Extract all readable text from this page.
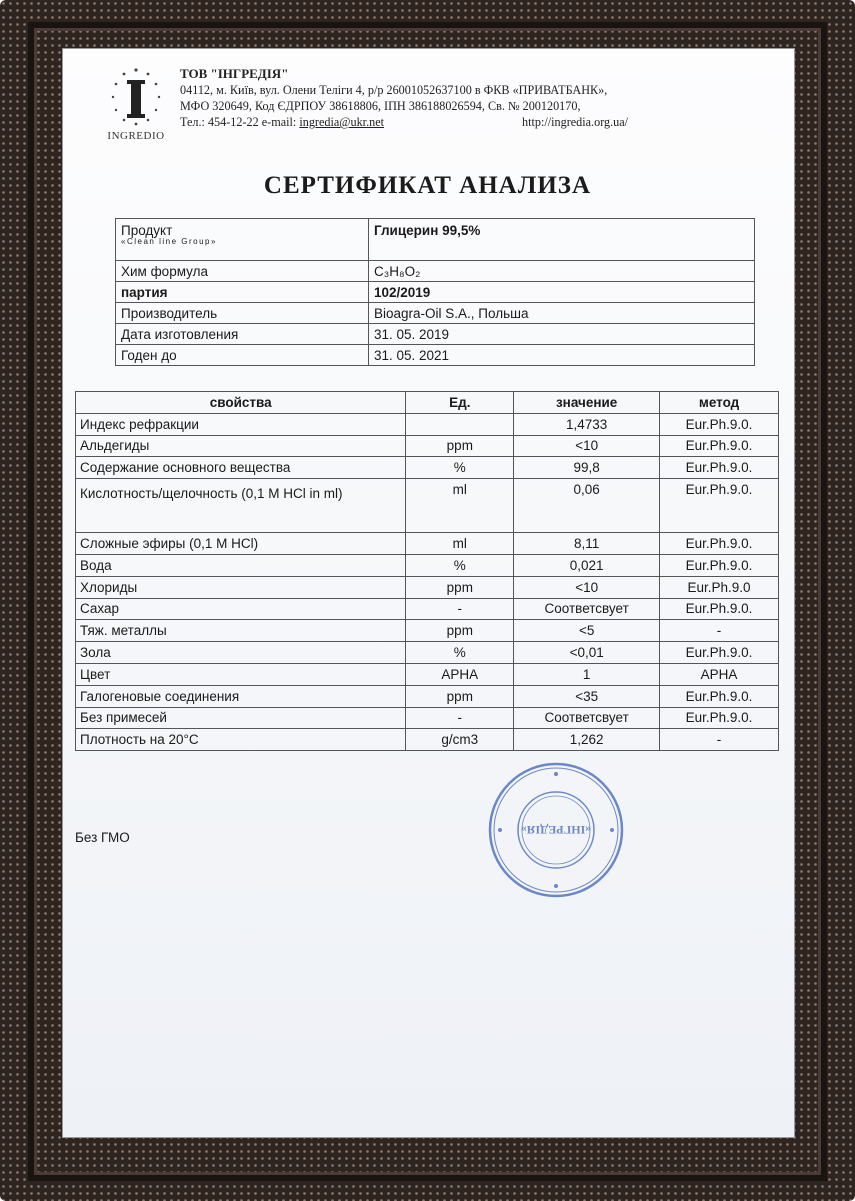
INGREDIO
ТОВ "ІНГРЕДІЯ"
04112, м. Київ, вул. Олени Теліги 4, р/р 26001052637100 в ФКВ «ПРИВАТБАНК»,
МФО 320649, Код ЄДРПОУ 38618806, ІПН 386188026594, Св. № 200120170,
Тел.: 454-12-22 e-mail: ingredia@ukr.net	http://ingredia.org.ua/
СЕРТИФИКАТ АНАЛИЗА
Продукт
«Clean line Group»	Глицерин 99,5%
Хим формула	C₃H₈O₂
партия	102/2019
Производитель	Bioagra-Oil S.A., Польша
Дата изготовления	31. 05. 2019
Годен до	31. 05. 2021
свойства	Ед.	значение	метод
Индекс рефракции		1,4733	Eur.Ph.9.0.
Альдегиды	ppm	<10	Eur.Ph.9.0.
Содержание основного вещества	%	99,8	Eur.Ph.9.0.
Кислотность/щелочность (0,1 М HCl in ml)	ml	0,06	Eur.Ph.9.0.
Сложные эфиры (0,1 М HCl)	ml	8,11	Eur.Ph.9.0.
Вода	%	0,021	Eur.Ph.9.0.
Хлориды	ppm	<10	Eur.Ph.9.0
Сахар	-	Соответсвует	Eur.Ph.9.0.
Тяж. металлы	ppm	<5	-
Зола	%	<0,01	Eur.Ph.9.0.
Цвет	APHA	1	APHA
Галогеновые соединения	ppm	<35	Eur.Ph.9.0.
Без примесей	-	Соответсвует	Eur.Ph.9.0.
Плотность на 20°C	g/cm3	1,262	-
Без ГМО	«ІНГРЕДІЯ»
